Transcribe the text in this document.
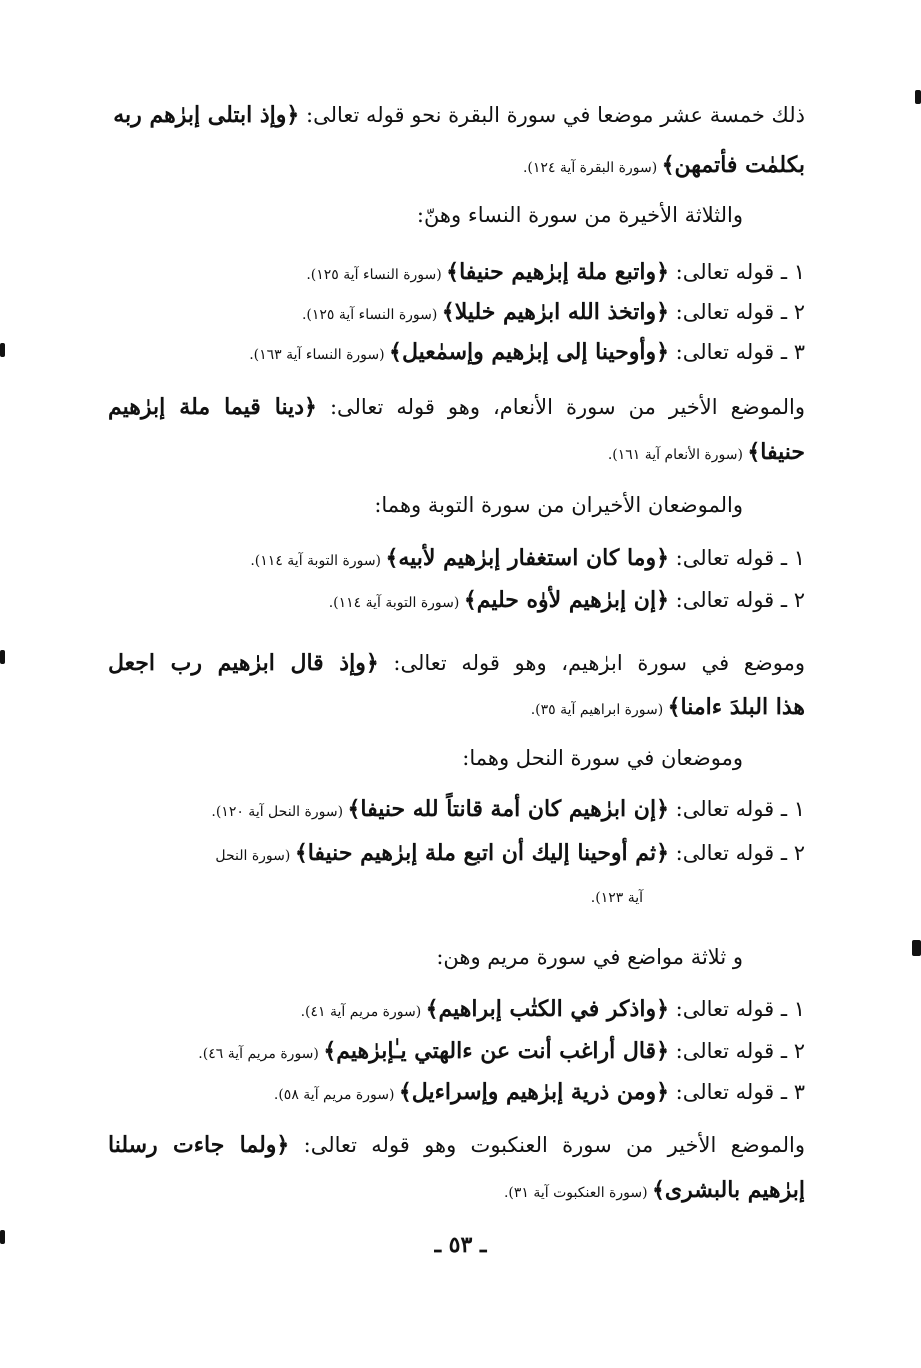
ـ ٥٣ ـ
ذلك خمسة عشر موضعا في سورة البقرة نحو قوله تعالى: ﴿وإذ ابتلى إبرٰهم ربه
بكلمٰت فأتمهن﴾ (سورة البقرة آية ١٢٤).
والثلاثة الأخيرة من سورة النساء وهنّ:
١ ـ قوله تعالى: ﴿واتبع ملة إبرٰهيم حنيفا﴾ (سورة النساء آية ١٢٥).
٢ ـ قوله تعالى: ﴿واتخذ الله ابرٰهيم خليلا﴾ (سورة النساء آية ١٢٥).
٣ ـ قوله تعالى: ﴿وأوحينا إلى إبرٰهيم وإسمٰعيل﴾ (سورة النساء آية ١٦٣).
والموضع الأخير من سورة الأنعام، وهو قوله تعالى: ﴿دينا قيما ملة إبرٰهيم
حنيفا﴾ (سورة الأنعام آية ١٦١).
والموضعان الأخيران من سورة التوبة وهما:
١ ـ قوله تعالى: ﴿وما كان استغفار إبرٰهيم لأبيه﴾ (سورة التوبة آية ١١٤).
٢ ـ قوله تعالى: ﴿إن إبرٰهيم لأوٰه حليم﴾ (سورة التوبة آية ١١٤).
وموضع في سورة ابرٰهيم، وهو قوله تعالى: ﴿وإذ قال ابرٰهيم رب اجعل
هذا البلدَ ءامنا﴾ (سورة ابراهيم آية ٣٥).
وموضعان في سورة النحل وهما:
١ ـ قوله تعالى: ﴿إن ابرٰهيم كان أمة قانتاً لله حنيفا﴾ (سورة النحل آية ١٢٠).
٢ ـ قوله تعالى: ﴿ثم أوحينا إليك أن اتبع ملة إبرٰهيم حنيفا﴾ (سورة النحل
آية ١٢٣).
و ثلاثة مواضع في سورة مريم وهن:
١ ـ قوله تعالى: ﴿واذكر في الكتٰب إبراهيم﴾ (سورة مريم آية ٤١).
٢ ـ قوله تعالى: ﴿قال أراغب أنت عن ءالهتي يـٰإبرٰهيم﴾ (سورة مريم آية ٤٦).
٣ ـ قوله تعالى: ﴿ومن ذرية إبرٰهيم وإسراءيل﴾ (سورة مريم آية ٥٨).
والموضع الأخير من سورة العنكبوت وهو قوله تعالى: ﴿ولما جاءت رسلنا
إبرٰهيم بالبشرى﴾ (سورة العنكبوت آية ٣١).
